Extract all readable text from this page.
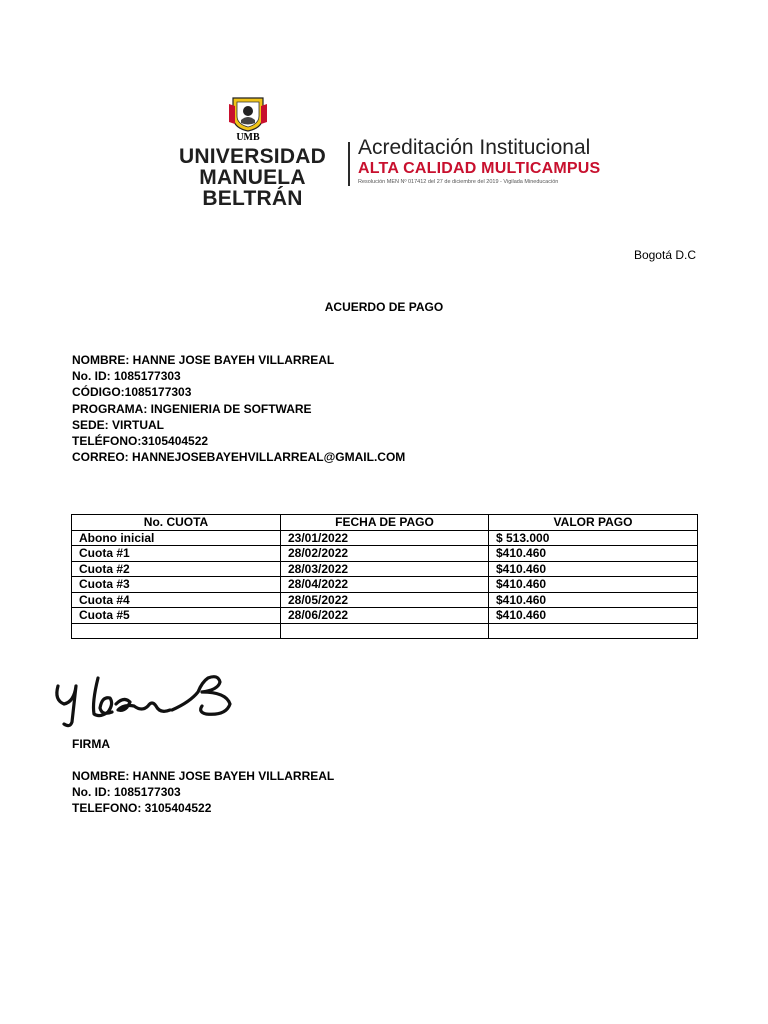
UMB
UNIVERSIDAD
MANUELA BELTRÁN
Acreditación Institucional
ALTA CALIDAD MULTICAMPUS
Resolución MEN Nº 017412 del 27 de diciembre del 2019 - Vigilada Mineducación
Bogotá D.C
ACUERDO DE PAGO
NOMBRE: HANNE JOSE BAYEH VILLARREAL
No. ID: 1085177303
CÓDIGO:1085177303
PROGRAMA: INGENIERIA DE SOFTWARE
SEDE: VIRTUAL
TELÉFONO:3105404522
CORREO: HANNEJOSEBAYEHVILLARREAL@GMAIL.COM
No. CUOTA	FECHA DE PAGO	VALOR PAGO
Abono inicial	23/01/2022	$ 513.000
Cuota #1	28/02/2022	$410.460
Cuota #2	28/03/2022	$410.460
Cuota #3	28/04/2022	$410.460
Cuota #4	28/05/2022	$410.460
Cuota #5	28/06/2022	$410.460

FIRMA
NOMBRE: HANNE JOSE BAYEH VILLARREAL
No. ID: 1085177303
TELEFONO: 3105404522
